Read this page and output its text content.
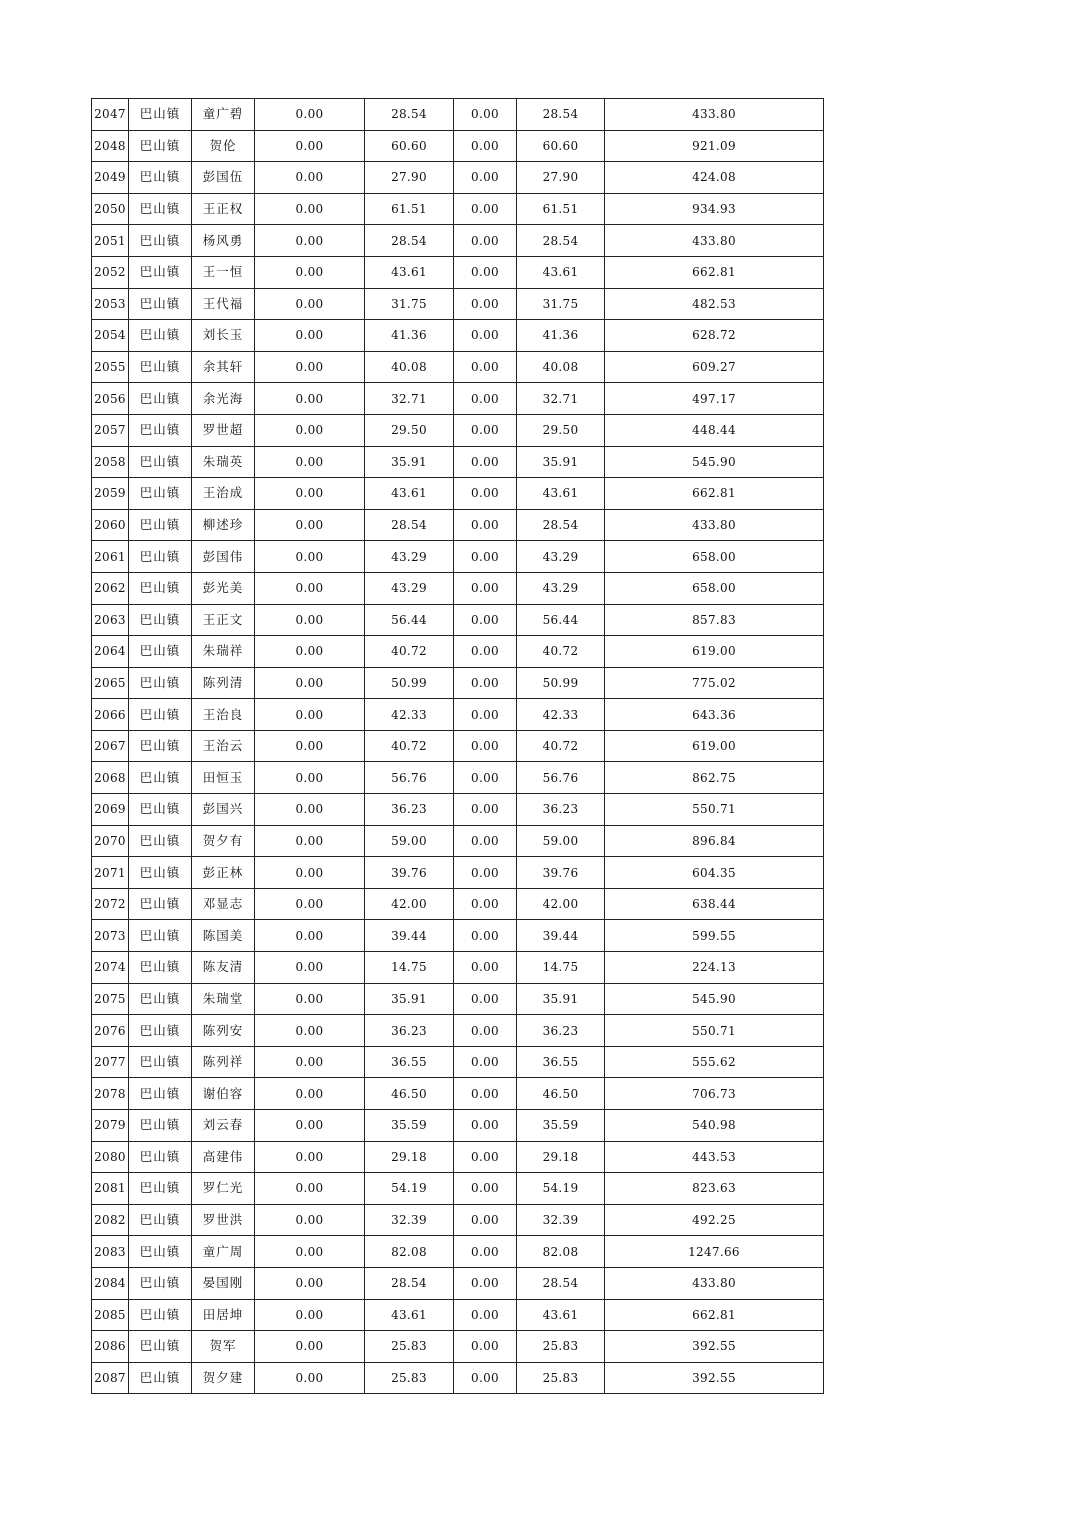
2047	巴山镇	童广碧	0.00	28.54	0.00	28.54	433.80
2048	巴山镇	贺伦	0.00	60.60	0.00	60.60	921.09
2049	巴山镇	彭国伍	0.00	27.90	0.00	27.90	424.08
2050	巴山镇	王正权	0.00	61.51	0.00	61.51	934.93
2051	巴山镇	杨风勇	0.00	28.54	0.00	28.54	433.80
2052	巴山镇	王一恒	0.00	43.61	0.00	43.61	662.81
2053	巴山镇	王代福	0.00	31.75	0.00	31.75	482.53
2054	巴山镇	刘长玉	0.00	41.36	0.00	41.36	628.72
2055	巴山镇	余其轩	0.00	40.08	0.00	40.08	609.27
2056	巴山镇	余光海	0.00	32.71	0.00	32.71	497.17
2057	巴山镇	罗世超	0.00	29.50	0.00	29.50	448.44
2058	巴山镇	朱瑞英	0.00	35.91	0.00	35.91	545.90
2059	巴山镇	王治成	0.00	43.61	0.00	43.61	662.81
2060	巴山镇	柳述珍	0.00	28.54	0.00	28.54	433.80
2061	巴山镇	彭国伟	0.00	43.29	0.00	43.29	658.00
2062	巴山镇	彭光美	0.00	43.29	0.00	43.29	658.00
2063	巴山镇	王正文	0.00	56.44	0.00	56.44	857.83
2064	巴山镇	朱瑞祥	0.00	40.72	0.00	40.72	619.00
2065	巴山镇	陈列清	0.00	50.99	0.00	50.99	775.02
2066	巴山镇	王治良	0.00	42.33	0.00	42.33	643.36
2067	巴山镇	王治云	0.00	40.72	0.00	40.72	619.00
2068	巴山镇	田恒玉	0.00	56.76	0.00	56.76	862.75
2069	巴山镇	彭国兴	0.00	36.23	0.00	36.23	550.71
2070	巴山镇	贺夕有	0.00	59.00	0.00	59.00	896.84
2071	巴山镇	彭正林	0.00	39.76	0.00	39.76	604.35
2072	巴山镇	邓显志	0.00	42.00	0.00	42.00	638.44
2073	巴山镇	陈国美	0.00	39.44	0.00	39.44	599.55
2074	巴山镇	陈友清	0.00	14.75	0.00	14.75	224.13
2075	巴山镇	朱瑞堂	0.00	35.91	0.00	35.91	545.90
2076	巴山镇	陈列安	0.00	36.23	0.00	36.23	550.71
2077	巴山镇	陈列祥	0.00	36.55	0.00	36.55	555.62
2078	巴山镇	谢伯容	0.00	46.50	0.00	46.50	706.73
2079	巴山镇	刘云春	0.00	35.59	0.00	35.59	540.98
2080	巴山镇	高建伟	0.00	29.18	0.00	29.18	443.53
2081	巴山镇	罗仁光	0.00	54.19	0.00	54.19	823.63
2082	巴山镇	罗世洪	0.00	32.39	0.00	32.39	492.25
2083	巴山镇	童广周	0.00	82.08	0.00	82.08	1247.66
2084	巴山镇	晏国刚	0.00	28.54	0.00	28.54	433.80
2085	巴山镇	田居坤	0.00	43.61	0.00	43.61	662.81
2086	巴山镇	贺军	0.00	25.83	0.00	25.83	392.55
2087	巴山镇	贺夕建	0.00	25.83	0.00	25.83	392.55
